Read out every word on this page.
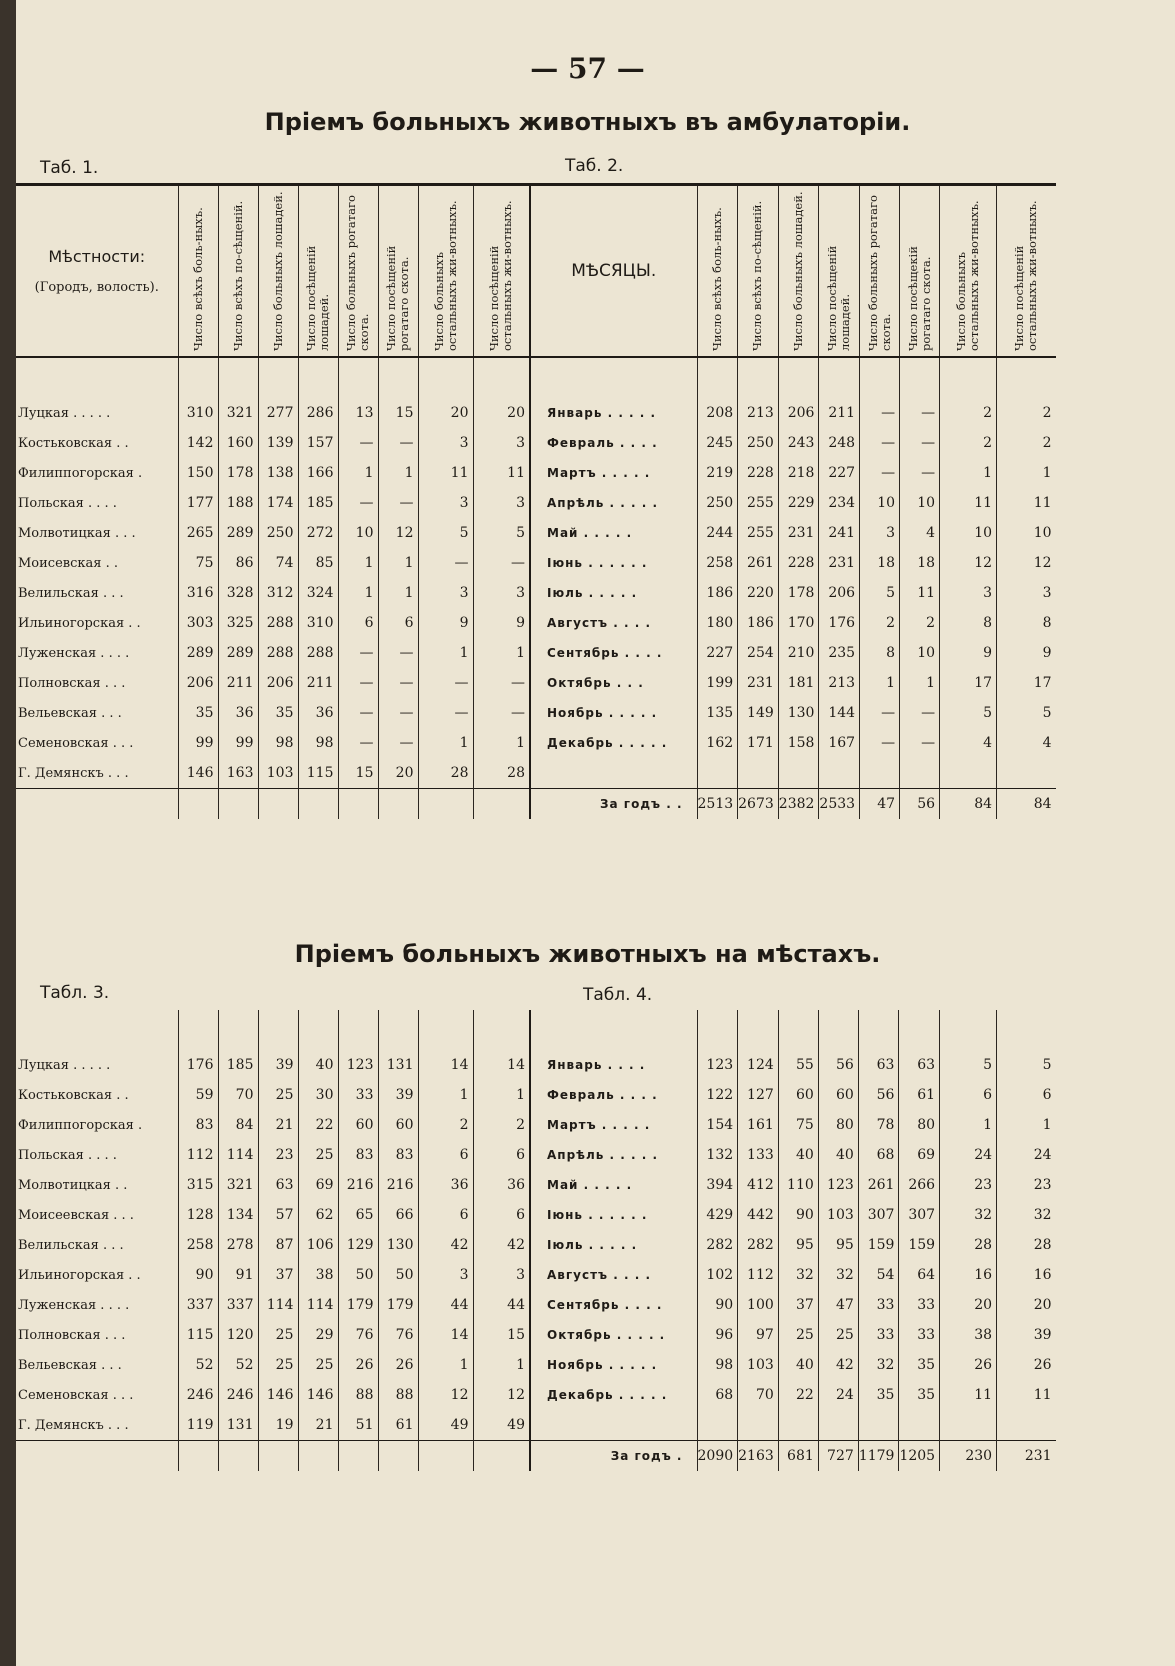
— 57 —
Пріемъ больныхъ животныхъ въ амбулаторіи.
Таб. 1.	Таб. 2.
Мѣстности:
(Городъ, волость).	Число всѣхъ боль-ныхъ.	Число всѣхъ по-сѣщеній.	Число больныхъ лошадей.	Число посѣщеній лошадей.	Число больныхъ рогатаго скота.	Число посѣщеній рогатаго скота.	Число больныхъ остальныхъ жи-вотныхъ.	Число посѣщеній остальныхъ жи-вотныхъ.	МѢСЯЦЫ.	Число всѣхъ боль-ныхъ.	Число всѣхъ по-сѣщеній.	Число больныхъ лошадей.	Число посѣщеній лошадей.	Число больныхъ рогатаго скота.	Число посѣщекій рогатаго скота.	Число больныхъ остальныхъ жи-вотныхъ.	Число посѣщеній остальныхъ жи-вотныхъ.

Луцкая . . . . .	310	321	277	286	13	15	20	20	Январь . . . . .	208	213	206	211	—	—	2	2
Костьковская . .	142	160	139	157	—	—	3	3	Февраль . . . .	245	250	243	248	—	—	2	2
Филиппогорская .	150	178	138	166	1	1	11	11	Мартъ . . . . .	219	228	218	227	—	—	1	1
Польская . . . .	177	188	174	185	—	—	3	3	Апрѣль . . . . .	250	255	229	234	10	10	11	11
Молвотицкая . . .	265	289	250	272	10	12	5	5	Май . . . . .	244	255	231	241	3	4	10	10
Моисевская . .	75	86	74	85	1	1	—	—	Іюнь . . . . . .	258	261	228	231	18	18	12	12
Велильская . . .	316	328	312	324	1	1	3	3	Іюль . . . . .	186	220	178	206	5	11	3	3
Ильиногорская . .	303	325	288	310	6	6	9	9	Августъ . . . .	180	186	170	176	2	2	8	8
Луженская . . . .	289	289	288	288	—	—	1	1	Сентябрь . . . .	227	254	210	235	8	10	9	9
Полновская . . .	206	211	206	211	—	—	—	—	Октябрь . . .	199	231	181	213	1	1	17	17
Вельевская . . .	35	36	35	36	—	—	—	—	Ноябрь . . . . .	135	149	130	144	—	—	5	5
Семеновская . . .	99	99	98	98	—	—	1	1	Декабрь . . . . .	162	171	158	167	—	—	4	4
Г. Демянскъ . . .	146	163	103	115	15	20	28	28									
									За годъ . .	2513	2673	2382	2533	47	56	84	84
Пріемъ больныхъ животныхъ на мѣстахъ.
Табл. 3.	Табл. 4.

Луцкая . . . . .	176	185	39	40	123	131	14	14	Январь . . . .	123	124	55	56	63	63	5	5
Костьковская . .	59	70	25	30	33	39	1	1	Февраль . . . .	122	127	60	60	56	61	6	6
Филиппогорская .	83	84	21	22	60	60	2	2	Мартъ . . . . .	154	161	75	80	78	80	1	1
Польская . . . .	112	114	23	25	83	83	6	6	Апрѣль . . . . .	132	133	40	40	68	69	24	24
Молвотицкая . .	315	321	63	69	216	216	36	36	Май . . . . .	394	412	110	123	261	266	23	23
Моисеевская . . .	128	134	57	62	65	66	6	6	Іюнь . . . . . .	429	442	90	103	307	307	32	32
Велильская . . .	258	278	87	106	129	130	42	42	Іюль . . . . .	282	282	95	95	159	159	28	28
Ильиногорская . .	90	91	37	38	50	50	3	3	Августъ . . . .	102	112	32	32	54	64	16	16
Луженская . . . .	337	337	114	114	179	179	44	44	Сентябрь . . . .	90	100	37	47	33	33	20	20
Полновская . . .	115	120	25	29	76	76	14	15	Октябрь . . . . .	96	97	25	25	33	33	38	39
Вельевская . . .	52	52	25	25	26	26	1	1	Ноябрь . . . . .	98	103	40	42	32	35	26	26
Семеновская . . .	246	246	146	146	88	88	12	12	Декабрь . . . . .	68	70	22	24	35	35	11	11
Г. Демянскъ . . .	119	131	19	21	51	61	49	49									
									За годъ .	2090	2163	681	727	1179	1205	230	231
